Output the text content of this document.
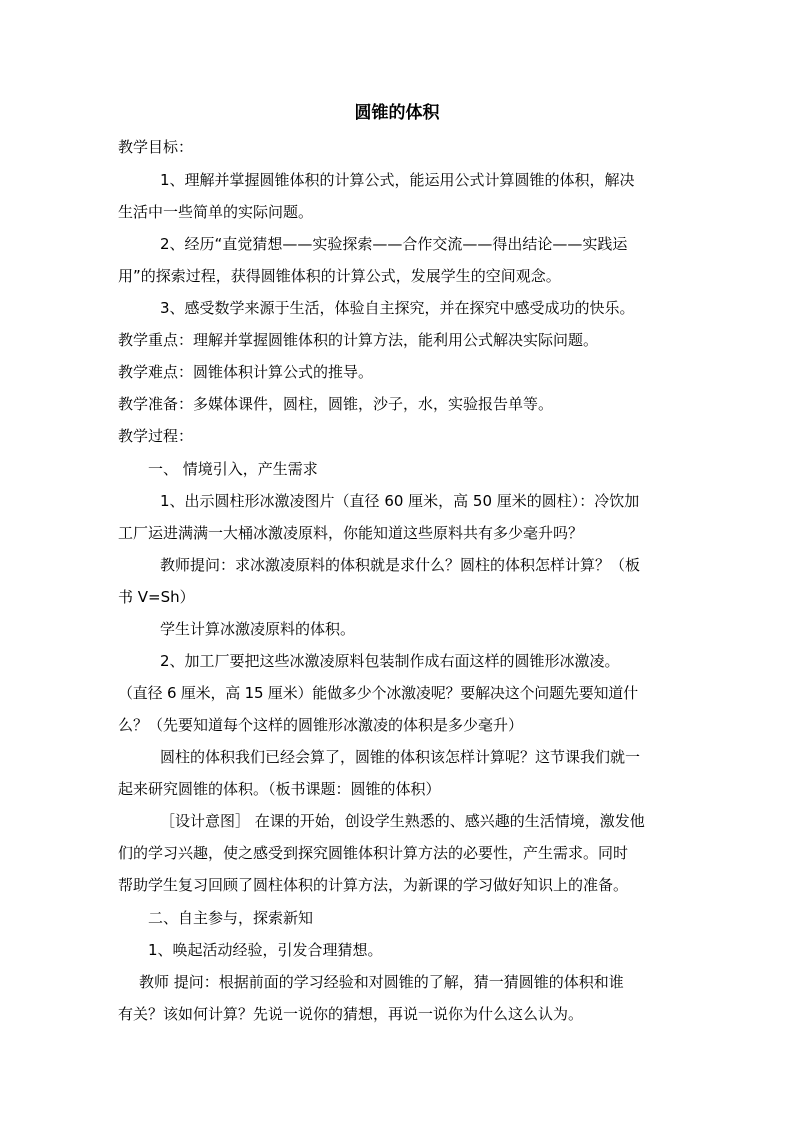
圆锥的体积
教学目标：
1、理解并掌握圆锥体积的计算公式，能运用公式计算圆锥的体积，解决
生活中一些简单的实际问题。
2、经历“直觉猜想——实验探索——合作交流——得出结论——实践运
用”的探索过程，获得圆锥体积的计算公式，发展学生的空间观念。
3、感受数学来源于生活，体验自主探究，并在探究中感受成功的快乐。
教学重点：理解并掌握圆锥体积的计算方法，能利用公式解决实际问题。
教学难点：圆锥体积计算公式的推导。
教学准备：多媒体课件，圆柱，圆锥，沙子，水，实验报告单等。
教学过程：
一、 情境引入，产生需求
1、出示圆柱形冰激凌图片（直径 60 厘米，高 50 厘米的圆柱）：冷饮加
工厂运进满满一大桶冰激凌原料，你能知道这些原料共有多少毫升吗？
教师提问：求冰激凌原料的体积就是求什么？圆柱的体积怎样计算？（板
书 V=Sh）
学生计算冰激凌原料的体积。
2、加工厂要把这些冰激凌原料包装制作成右面这样的圆锥形冰激凌。
（直径 6 厘米，高 15 厘米）能做多少个冰激凌呢？要解决这个问题先要知道什
么？（先要知道每个这样的圆锥形冰激凌的体积是多少毫升）
圆柱的体积我们已经会算了，圆锥的体积该怎样计算呢？这节课我们就一
起来研究圆锥的体积。（板书课题：圆锥的体积）
［设计意图］ 在课的开始，创设学生熟悉的、感兴趣的生活情境，激发他
们的学习兴趣，使之感受到探究圆锥体积计算方法的必要性，产生需求。同时
帮助学生复习回顾了圆柱体积的计算方法，为新课的学习做好知识上的准备。
二、自主参与，探索新知
1、唤起活动经验，引发合理猜想。
教师 提问：根据前面的学习经验和对圆锥的了解，猜一猜圆锥的体积和谁
有关？该如何计算？先说一说你的猜想，再说一说你为什么这么认为。
